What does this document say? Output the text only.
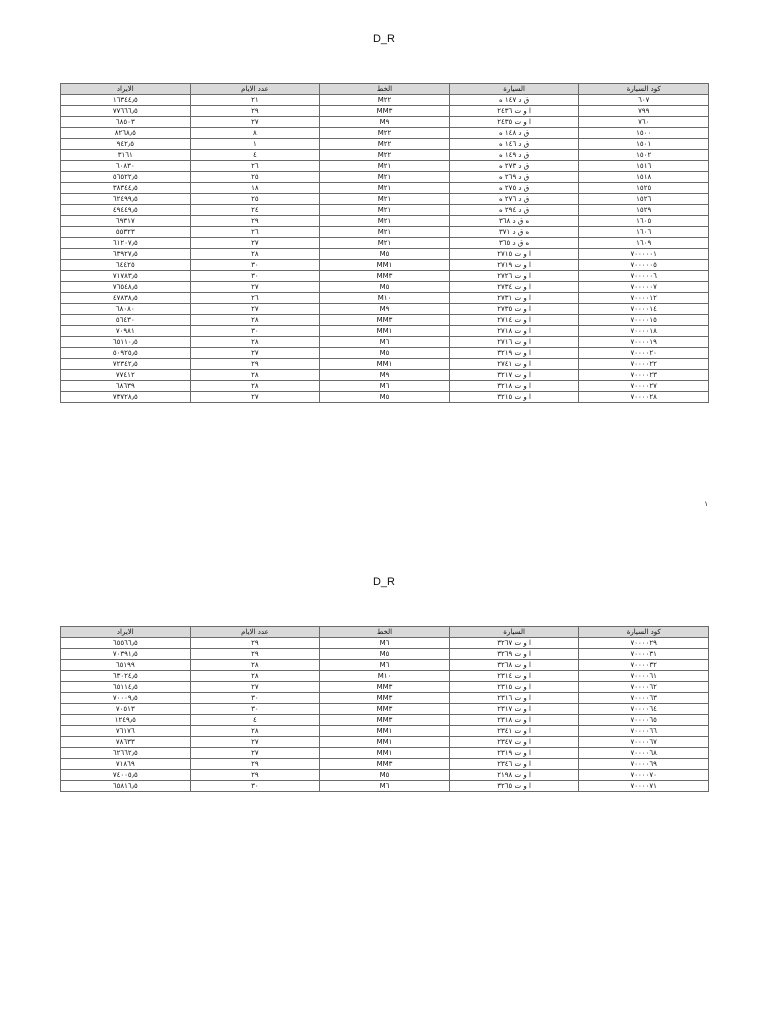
D_R
كود السيارة	السيارة	الخط	عدد الايام	الايراد
٦٠٧	ق د ١٤٧ ه	M٢٢	٢١	١٦٣٤٤٫٥
٧٩٩	ا و ت ٢٤٣٦	MM٣	٢٩	٧٧٦٦٦٫٥
٧٦٠	ا و ت ٢٤٣٥	M٩	٢٧	٦٨٥٠٣
١٥٠٠	ق د ١٤٨ ه	M٢٢	٨	٨٢٦٨٫٥
١٥٠١	ق د ١٤٦ ه	M٢٢	١	٩٤٢٫٥
١٥٠٢	ق د ١٤٩ ه	M٢٢	٤	٣١٦١
١٥١٦	ق د ٢٧٣ ه	M٢١	٢٦	٦٠٨٣٠
١٥١٨	ق د ٢٦٩ ه	M٢١	٢٥	٥٦٥٢٢٫٥
١٥٢٥	ق د ٢٧٥ ه	M٢١	١٨	٣٨٣٤٤٫٥
١٥٢٦	ق د ٢٧٦ ه	M٢١	٢٥	٦٢٤٩٩٫٥
١٥٢٩	ق د ٢٩٤ ه	M٢١	٢٤	٤٩٤٤٩٫٥
١٦٠٥	ه ق د ٣٦٨	M٢١	٢٩	٦٩٣١٧
١٦٠٦	ه ق د ٣٧١	M٢١	٢٦	٥٥٣٢٣
١٦٠٩	ه ق د ٣٦٥	M٢١	٢٧	٦١٢٠٧٫٥
٧٠٠٠٠٠١	ا و ت ٢٧١٥	M٥	٢٨	٦٣٩٢٧٫٥
٧٠٠٠٠٠٥	ا و ت ٢٧١٩	MM١	٣٠	٦٤٤٢٥
٧٠٠٠٠٠٦	ا و ت ٢٧٢٦	MM٣	٣٠	٧١٧٨٣٫٥
٧٠٠٠٠٠٧	ا و ت ٢٧٣٤	M٥	٢٧	٧٦٥٤٨٫٥
٧٠٠٠٠١٢	ا و ت ٢٧٣١	M١٠	٢٦	٤٧٨٣٨٫٥
٧٠٠٠٠١٤	ا و ت ٢٧٣٥	M٩	٢٧	٦٨٠٨٠
٧٠٠٠٠١٥	ا و ت ٢٧١٤	MM٣	٢٨	٥٦٤٣٠
٧٠٠٠٠١٨	ا و ت ٢٧١٨	MM١	٣٠	٧٠٩٨١
٧٠٠٠٠١٩	ا و ت ٢٧١٦	M٦	٢٨	٦٥١١٠٫٥
٧٠٠٠٠٢٠	ا و ت ٣٢١٩	M٥	٢٧	٥٠٩٢٥٫٥
٧٠٠٠٠٢٢	ا و ت ٢٧٤١	MM١	٢٩	٧٢٣٤٢٫٥
٧٠٠٠٠٢٣	ا و ت ٣٢١٧	M٩	٢٨	٧٧٤١٢
٧٠٠٠٠٢٧	ا و ت ٣٢١٨	M٦	٢٨	٦٨٦٣٩
٧٠٠٠٠٢٨	ا و ت ٣٢١٥	M٥	٢٧	٧٣٧٢٨٫٥
١
D_R
كود السيارة	السيارة	الخط	عدد الايام	الايراد
٧٠٠٠٠٢٩	ا و ت ٣٢٦٧	M٦	٢٩	٦٥٥٦٦٫٥
٧٠٠٠٠٣١	ا و ت ٣٢٦٩	M٥	٢٩	٧٠٣٩١٫٥
٧٠٠٠٠٣٢	ا و ت ٣٢٦٨	M٦	٢٨	٦٥١٩٩
٧٠٠٠٠٦١	ا و ت ٢٣١٤	M١٠	٢٨	٦٣٠٢٤٫٥
٧٠٠٠٠٦٢	ا و ت ٢٣١٥	MM٣	٢٧	٦٥١١٤٫٥
٧٠٠٠٠٦٣	ا و ت ٢٣١٦	MM٣	٣٠	٧٠٠٠٩٫٥
٧٠٠٠٠٦٤	ا و ت ٢٣١٧	MM٣	٣٠	٧٠٥١٣
٧٠٠٠٠٦٥	ا و ت ٢٣١٨	MM٣	٤	١٢٤٩٫٥
٧٠٠٠٠٦٦	ا و ت ٢٣٤١	MM١	٢٨	٧٦١٧٦
٧٠٠٠٠٦٧	ا و ت ٢٣٤٧	MM١	٢٧	٧٨٦٣٣
٧٠٠٠٠٦٨	ا و ت ٢٣١٩	MM١	٢٧	٦٢٦٦٢٫٥
٧٠٠٠٠٦٩	ا و ت ٢٣٤٦	MM٣	٢٩	٧١٨٦٩
٧٠٠٠٠٧٠	ا و ت ٢١٩٨	M٥	٢٩	٧٤٠٠٥٫٥
٧٠٠٠٠٧١	ا و ت ٣٢٦٥	M٦	٣٠	٦٥٨١٦٫٥
